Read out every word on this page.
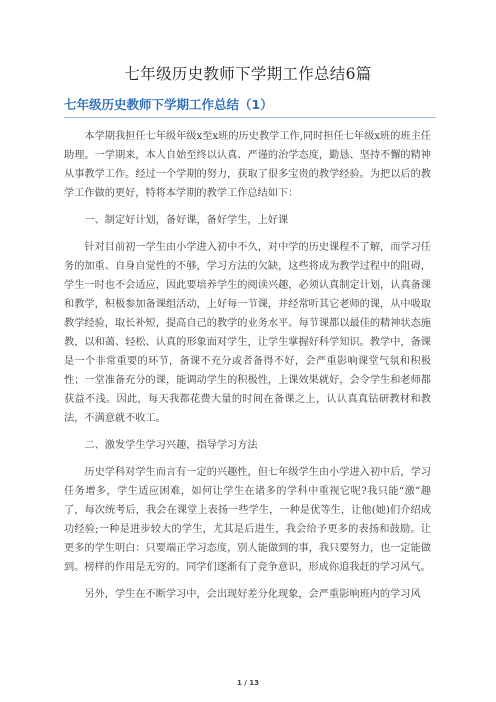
七年级历史教师下学期工作总结6篇
七年级历史教师下学期工作总结（1）

本学期我担任七年级年级x至x班的历史教学工作,同时担任七年级x班的班主任助理。一学期来，本人自始至终以认真、严谨的治学态度，勤恳、坚持不懈的精神从事教学工作。经过一个学期的努力，获取了很多宝贵的教学经验。为把以后的教学工作做的更好，特将本学期的教学工作总结如下：

一、制定好计划，备好课，备好学生，上好课

针对目前初一学生由小学进入初中不久，对中学的历史课程不了解，而学习任务的加重、自身自觉性的不够，学习方法的欠缺，这些将成为教学过程中的阻碍，学生一时也不会适应，因此要培养学生的阅读兴趣，必须认真制定计划，认真备课和教学，积极参加备课组活动，上好每一节课，并经常听其它老师的课，从中吸取教学经验，取长补短，提高自己的教学的业务水平。每节课都以最佳的精神状态施教，以和蔼、轻松、认真的形象面对学生，让学生掌握好科学知识。教学中，备课是一个非常重要的环节，备课不充分或者备得不好，会严重影响课堂气氛和积极性；一堂准备充分的课，能调动学生的积极性，上课效果就好，会令学生和老师都获益不浅。因此，每天我都花费大量的时间在备课之上，认认真真钻研教材和教法，不满意就不收工。

二、激发学生学习兴趣，指导学习方法

历史学科对学生而言有一定的兴趣性，但七年级学生由小学进入初中后，学习任务增多，学生适应困难，如何让学生在诸多的学科中重视它呢?我只能“激”趣了，每次统考后，我会在课堂上表扬一些学生，一种是优等生，让他(她)们介绍成功经验;一种是进步较大的学生，尤其是后进生，我会给予更多的表扬和鼓励。让更多的学生明白：只要端正学习态度，别人能做到的事，我只要努力，也一定能做到。榜样的作用是无穷的。同学们逐渐有了竞争意识，形成你追我赶的学习风气。

另外，学生在不断学习中，会出现好差分化现象，会严重影响班内的学习风

1 / 13
